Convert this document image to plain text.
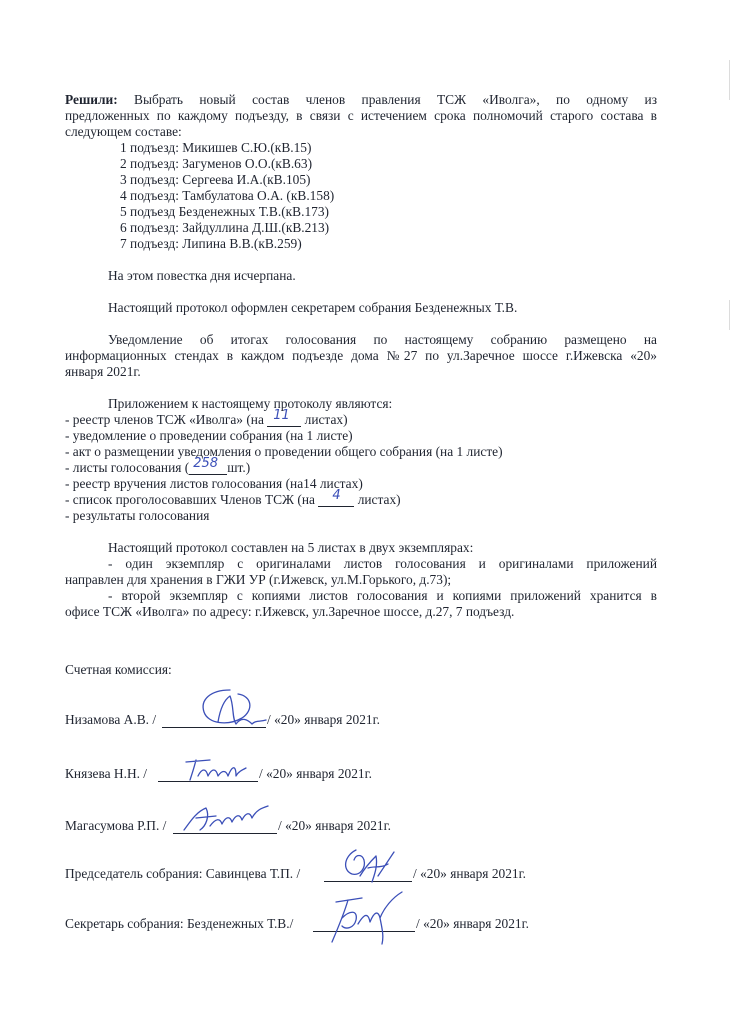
Решили: Выбрать новый состав членов правления ТСЖ «Иволга», по одному из
предложенных по каждому подъезду, в связи с истечением срока полномочий старого состава в
следующем составе:
1 подъезд: Микишев С.Ю.(кВ.15)
2 подъезд: Загуменов О.О.(кВ.63)
3 подъезд: Сергеева И.А.(кВ.105)
4 подъезд: Тамбулатова О.А. (кВ.158)
5 подъезд Безденежных Т.В.(кВ.173)
6 подъезд: Зайдуллина Д.Ш.(кВ.213)
7 подъезд: Липина В.В.(кВ.259)
На этом повестка дня исчерпана.
Настоящий протокол оформлен секретарем собрания Безденежных Т.В.
Уведомление об итогах голосования по настоящему собранию размещено на
информационных стендах в каждом подъезде дома №27 по ул.Заречное шоссе г.Ижевска «20»
января 2021г.
Приложением к настоящему протоколу являются:
- реестр членов ТСЖ «Иволга» (на 11 листах)
- уведомление о проведении собрания (на 1 листе)
- акт о размещении уведомления о проведении общего собрания (на 1 листе)
- листы голосования ( 258 шт.)
- реестр вручения листов голосования (на14 листах)
- список проголосовавших Членов ТСЖ (на 4 листах)
- результаты голосования
Настоящий протокол составлен на 5 листах в двух экземплярах:
- один экземпляр с оригиналами листов голосования и оригиналами приложений
направлен для хранения в ГЖИ УР (г.Ижевск, ул.М.Горького, д.73);
- второй экземпляр с копиями листов голосования и копиями приложений хранится в
офисе ТСЖ «Иволга» по адресу: г.Ижевск, ул.Заречное шоссе, д.27, 7 подъезд.
Счетная комиссия:
Низамова А.В. /	/ «20» января 2021г.
Князева Н.Н. /	/ «20» января 2021г.
Магасумова Р.П. /	/ «20» января 2021г.
Председатель собрания: Савинцева Т.П. /	/ «20» января 2021г.
Секретарь собрания: Безденежных Т.В./	/ «20» января 2021г.
